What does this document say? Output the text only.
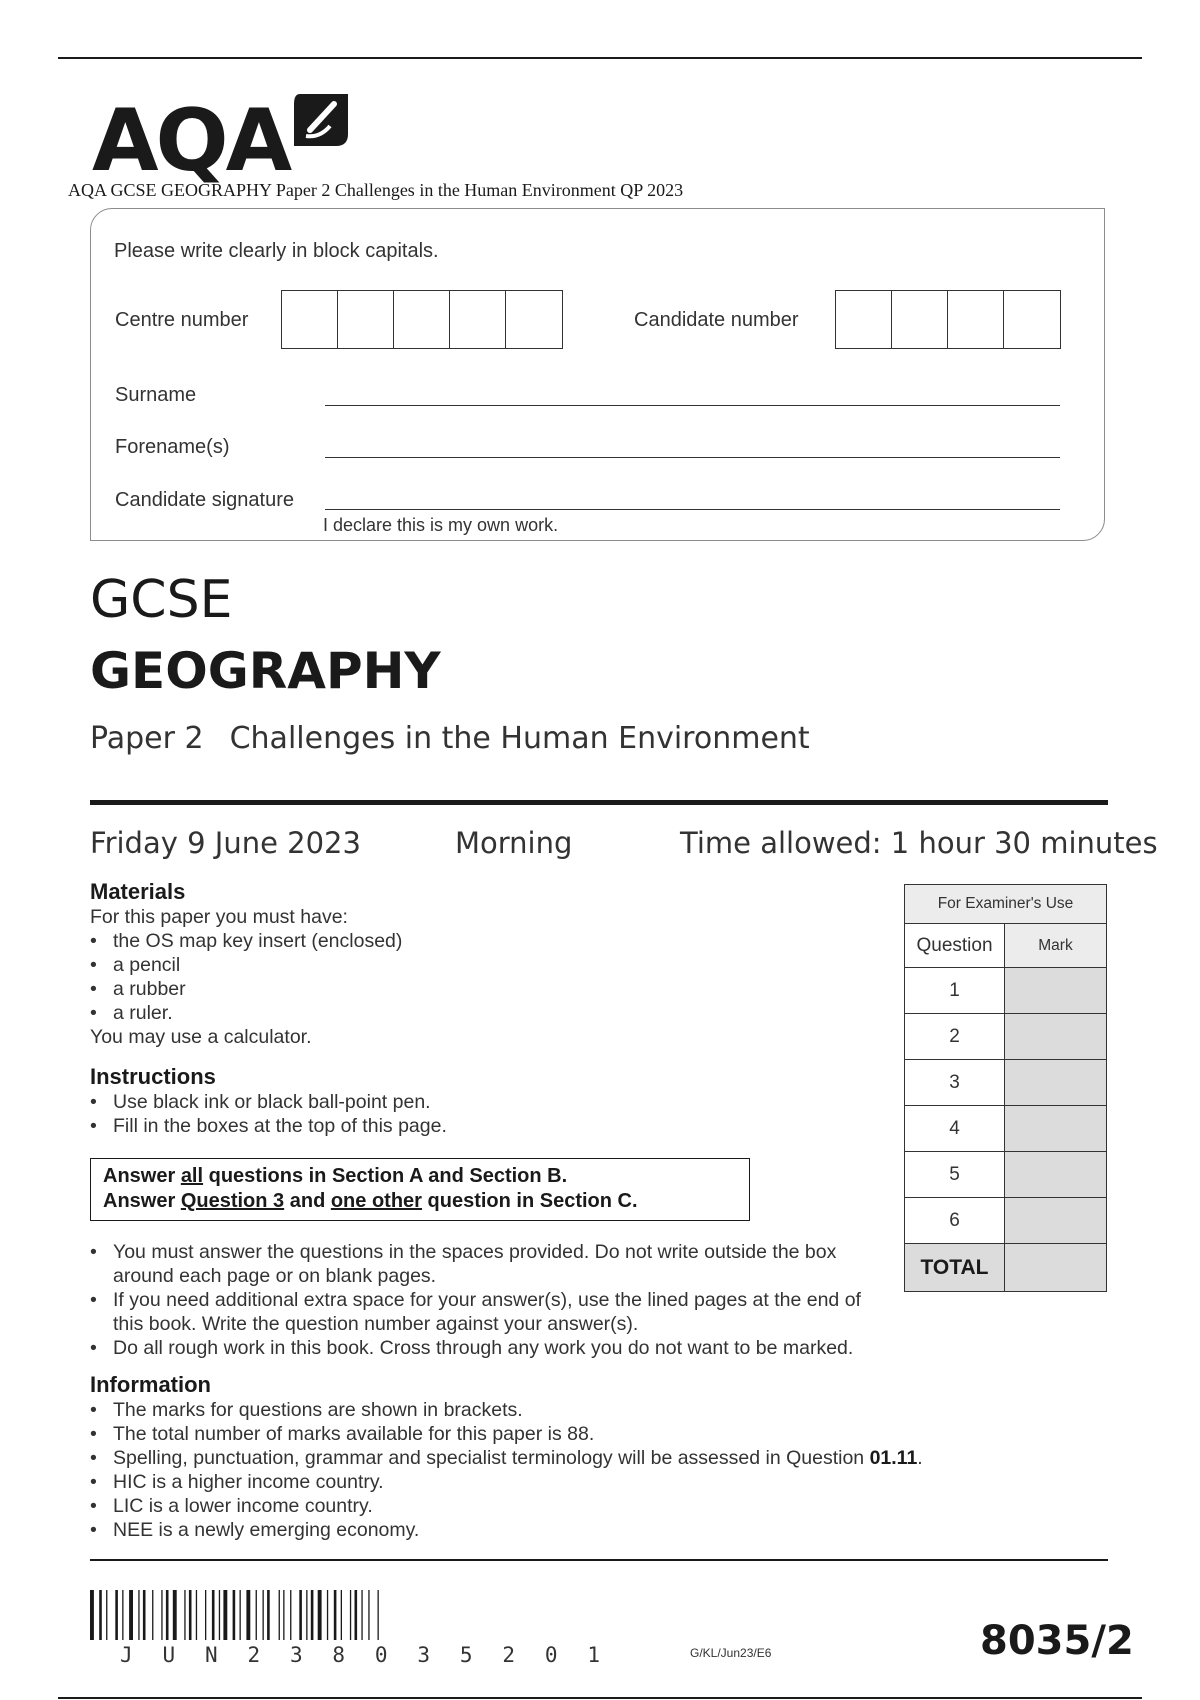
AQA
AQA GCSE GEOGRAPHY Paper 2 Challenges in the Human Environment QP 2023
Please write clearly in block capitals.
Centre number	Candidate number
Surname
Forename(s)
Candidate signature
I declare this is my own work.
GCSE
GEOGRAPHY
Paper 2 Challenges in the Human Environment
Friday 9 June 2023	Morning	Time allowed: 1 hour 30 minutes
Materials

For this paper you must have:

• the OS map key insert (enclosed)
• a pencil
• a rubber
• a ruler.

You may use a calculator.

Instructions
• Use black ink or black ball-point pen.
• Fill in the boxes at the top of this page.
Answer all questions in Section A and Section B.
Answer Question 3 and one other question in Section C.
• You must answer the questions in the spaces provided. Do not write outside the box around each page or on blank pages.
• If you need additional extra space for your answer(s), use the lined pages at the end of this book. Write the question number against your answer(s).
• Do all rough work in this book. Cross through any work you do not want to be marked.
Information
• The marks for questions are shown in brackets.
• The total number of marks available for this paper is 88.
• Spelling, punctuation, grammar and specialist terminology will be assessed in Question 01.11.
• HIC is a higher income country.
• LIC is a lower income country.
• NEE is a newly emerging economy.
For Examiner's Use	
Question	Mark
1	
2	
3	
4	
5	
6	
TOTAL	
J U N 2 3 8 0 3 5 2 0 1	G/KL/Jun23/E6	8035/2
